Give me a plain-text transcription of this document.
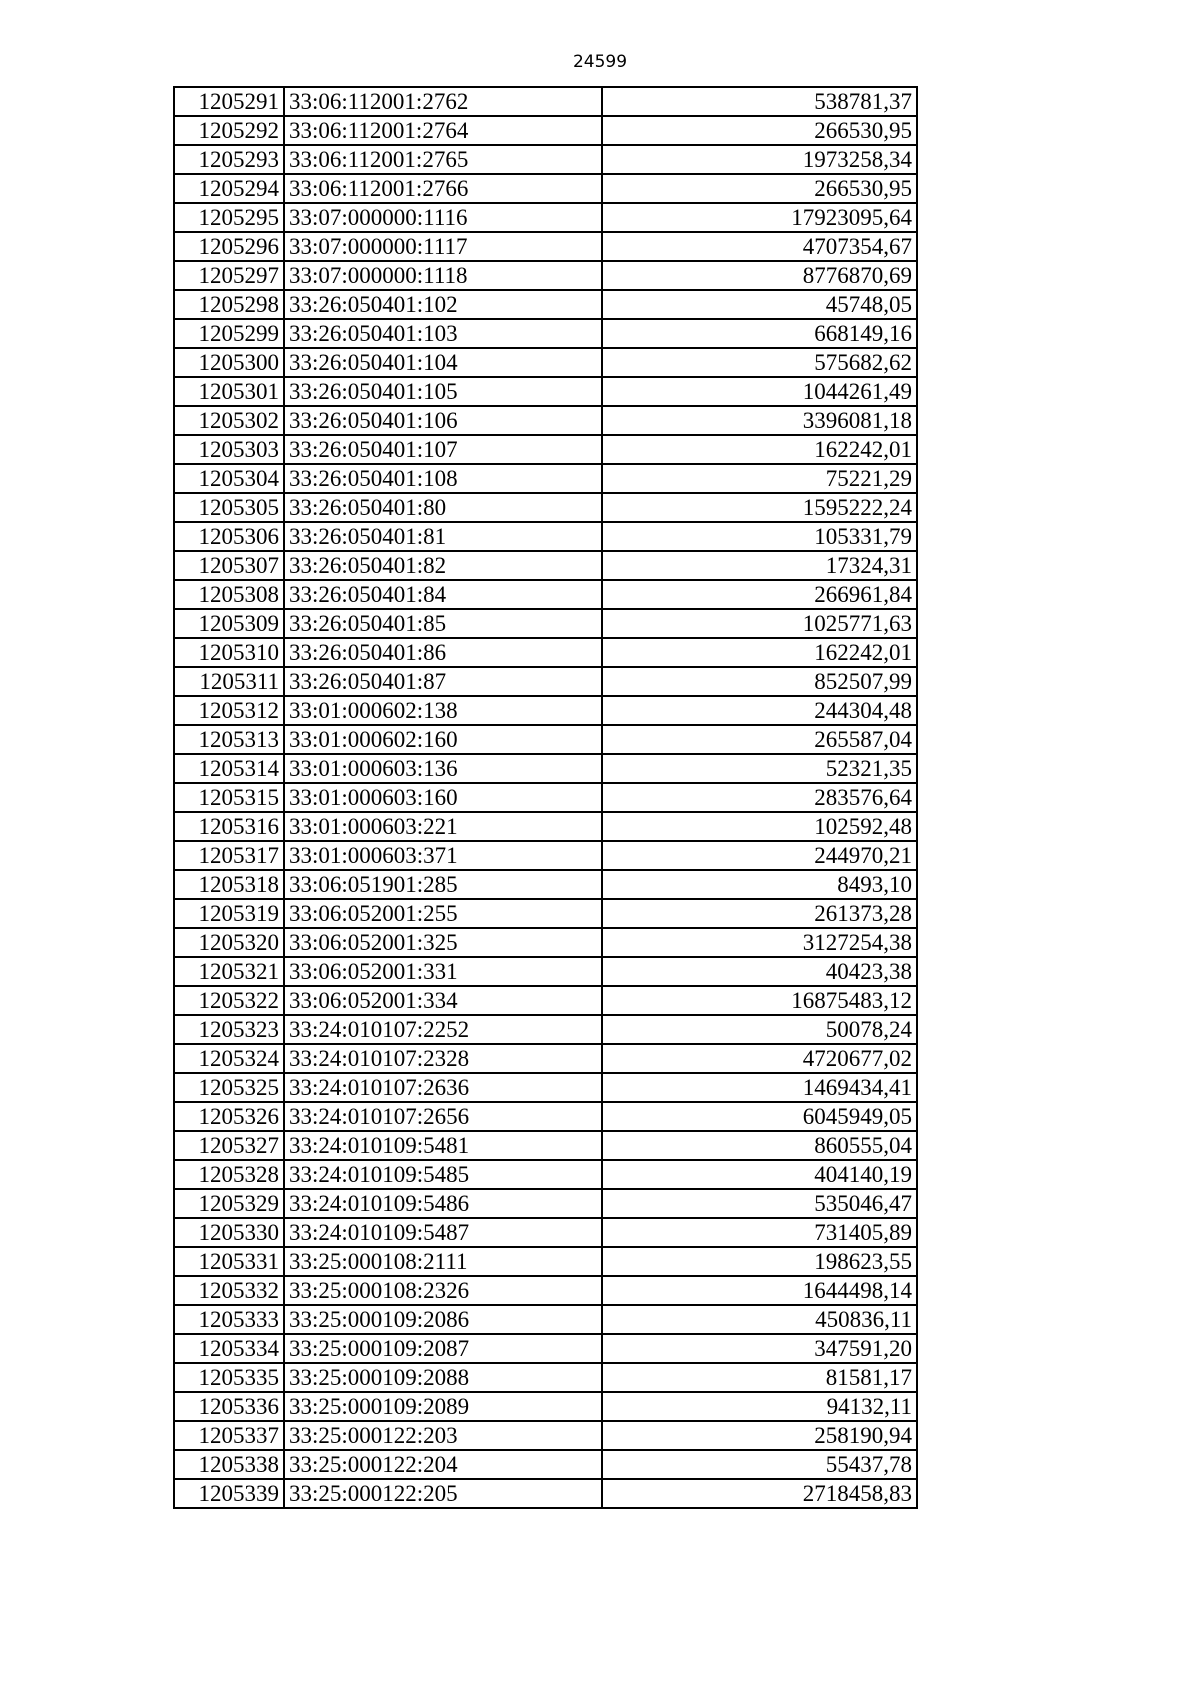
24599
1205291	33:06:112001:2762	538781,37
1205292	33:06:112001:2764	266530,95
1205293	33:06:112001:2765	1973258,34
1205294	33:06:112001:2766	266530,95
1205295	33:07:000000:1116	17923095,64
1205296	33:07:000000:1117	4707354,67
1205297	33:07:000000:1118	8776870,69
1205298	33:26:050401:102	45748,05
1205299	33:26:050401:103	668149,16
1205300	33:26:050401:104	575682,62
1205301	33:26:050401:105	1044261,49
1205302	33:26:050401:106	3396081,18
1205303	33:26:050401:107	162242,01
1205304	33:26:050401:108	75221,29
1205305	33:26:050401:80	1595222,24
1205306	33:26:050401:81	105331,79
1205307	33:26:050401:82	17324,31
1205308	33:26:050401:84	266961,84
1205309	33:26:050401:85	1025771,63
1205310	33:26:050401:86	162242,01
1205311	33:26:050401:87	852507,99
1205312	33:01:000602:138	244304,48
1205313	33:01:000602:160	265587,04
1205314	33:01:000603:136	52321,35
1205315	33:01:000603:160	283576,64
1205316	33:01:000603:221	102592,48
1205317	33:01:000603:371	244970,21
1205318	33:06:051901:285	8493,10
1205319	33:06:052001:255	261373,28
1205320	33:06:052001:325	3127254,38
1205321	33:06:052001:331	40423,38
1205322	33:06:052001:334	16875483,12
1205323	33:24:010107:2252	50078,24
1205324	33:24:010107:2328	4720677,02
1205325	33:24:010107:2636	1469434,41
1205326	33:24:010107:2656	6045949,05
1205327	33:24:010109:5481	860555,04
1205328	33:24:010109:5485	404140,19
1205329	33:24:010109:5486	535046,47
1205330	33:24:010109:5487	731405,89
1205331	33:25:000108:2111	198623,55
1205332	33:25:000108:2326	1644498,14
1205333	33:25:000109:2086	450836,11
1205334	33:25:000109:2087	347591,20
1205335	33:25:000109:2088	81581,17
1205336	33:25:000109:2089	94132,11
1205337	33:25:000122:203	258190,94
1205338	33:25:000122:204	55437,78
1205339	33:25:000122:205	2718458,83
